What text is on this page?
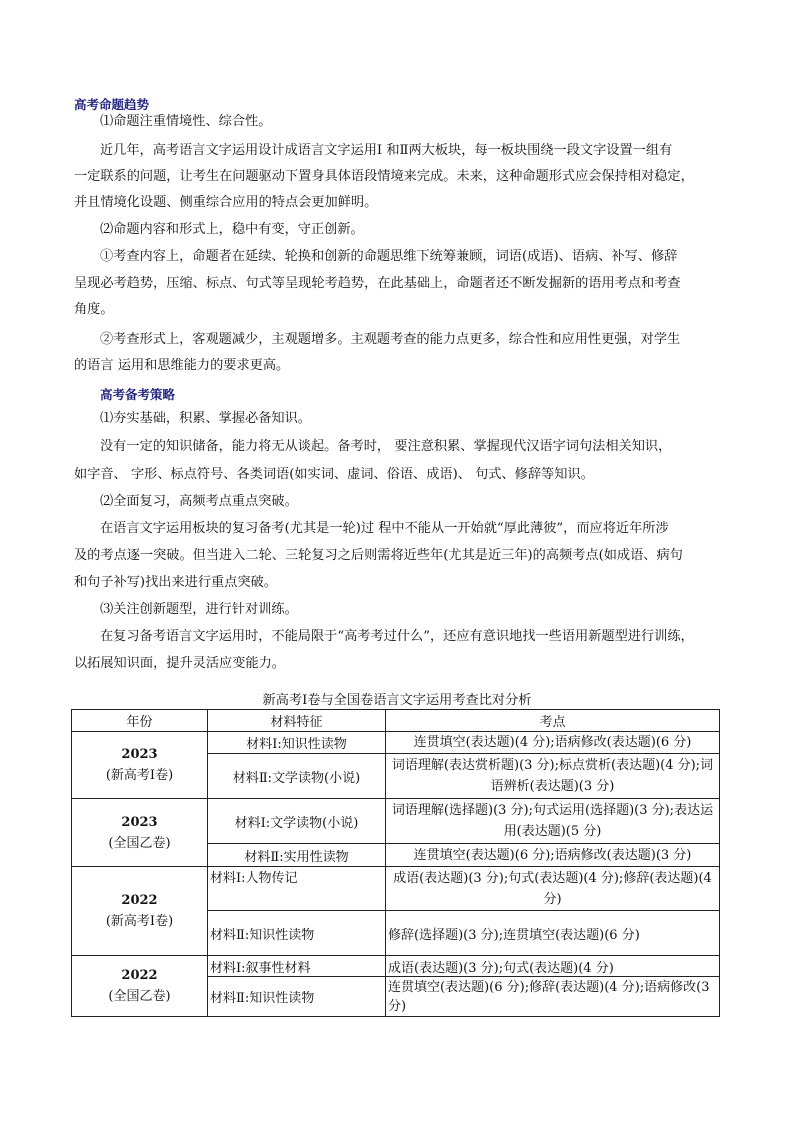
高考命题趋势
⑴命题注重情境性、综合性。
近几年，高考语言文字运用设计成语言文字运用Ⅰ 和Ⅱ两大板块，每一板块围绕一段文字设置一组有
一定联系的问题，让考生在问题驱动下置身具体语段情境来完成。未来，这种命题形式应会保持相对稳定，
并且情境化设题、侧重综合应用的特点会更加鲜明。
⑵命题内容和形式上，稳中有变，守正创新。
①考查内容上，命题者在延续、轮换和创新的命题思维下统筹兼顾，词语(成语)、语病、补写、修辞
呈现必考趋势，压缩、标点、句式等呈现轮考趋势，在此基础上，命题者还不断发掘新的语用考点和考查
角度。
②考查形式上，客观题减少，主观题增多。主观题考查的能力点更多，综合性和应用性更强，对学生
的语言 运用和思维能力的要求更高。
高考备考策略
⑴夯实基础，积累、掌握必备知识。
没有一定的知识储备，能力将无从谈起。备考时， 要注意积累、掌握现代汉语字词句法相关知识，
如字音、 字形、标点符号、各类词语(如实词、虚词、俗语、成语)、 句式、修辞等知识。
⑵全面复习，高频考点重点突破。
在语言文字运用板块的复习备考(尤其是一轮)过 程中不能从一开始就“厚此薄彼”，而应将近年所涉
及的考点逐一突破。但当进入二轮、三轮复习之后则需将近些年(尤其是近三年)的高频考点(如成语、病句
和句子补写)找出来进行重点突破。
⑶关注创新题型，进行针对训练。
在复习备考语言文字运用时，不能局限于“高考考过什么”，还应有意识地找一些语用新题型进行训练，
以拓展知识面，提升灵活应变能力。
新高考Ⅰ卷与全国卷语言文字运用考查比对分析
年份	材料特征	考点

2023
(新高考Ⅰ卷)	材料Ⅰ:知识性读物	连贯填空(表达题)(4 分);语病修改(表达题)(6 分)
	材料Ⅱ:文学读物(小说)	词语理解(表达赏析题)(3 分);标点赏析(表达题)(4 分);词语辨析(表达题)(3 分)

2023
(全国乙卷)	材料Ⅰ:文学读物(小说)	词语理解(选择题)(3 分);句式运用(选择题)(3 分);表达运用(表达题)(5 分)
	材料Ⅱ:实用性读物	连贯填空(表达题)(6 分);语病修改(表达题)(3 分)

2022
(新高考Ⅰ卷)	材料Ⅰ:人物传记	成语(表达题)(3 分);句式(表达题)(4 分);修辞(表达题)(4 分)
	材料Ⅱ:知识性读物	修辞(选择题)(3 分);连贯填空(表达题)(6 分)

2022
(全国乙卷)	材料Ⅰ:叙事性材料	成语(表达题)(3 分);句式(表达题)(4 分)
	材料Ⅱ:知识性读物	连贯填空(表达题)(6 分);修辞(表达题)(4 分);语病修改(3 分)
